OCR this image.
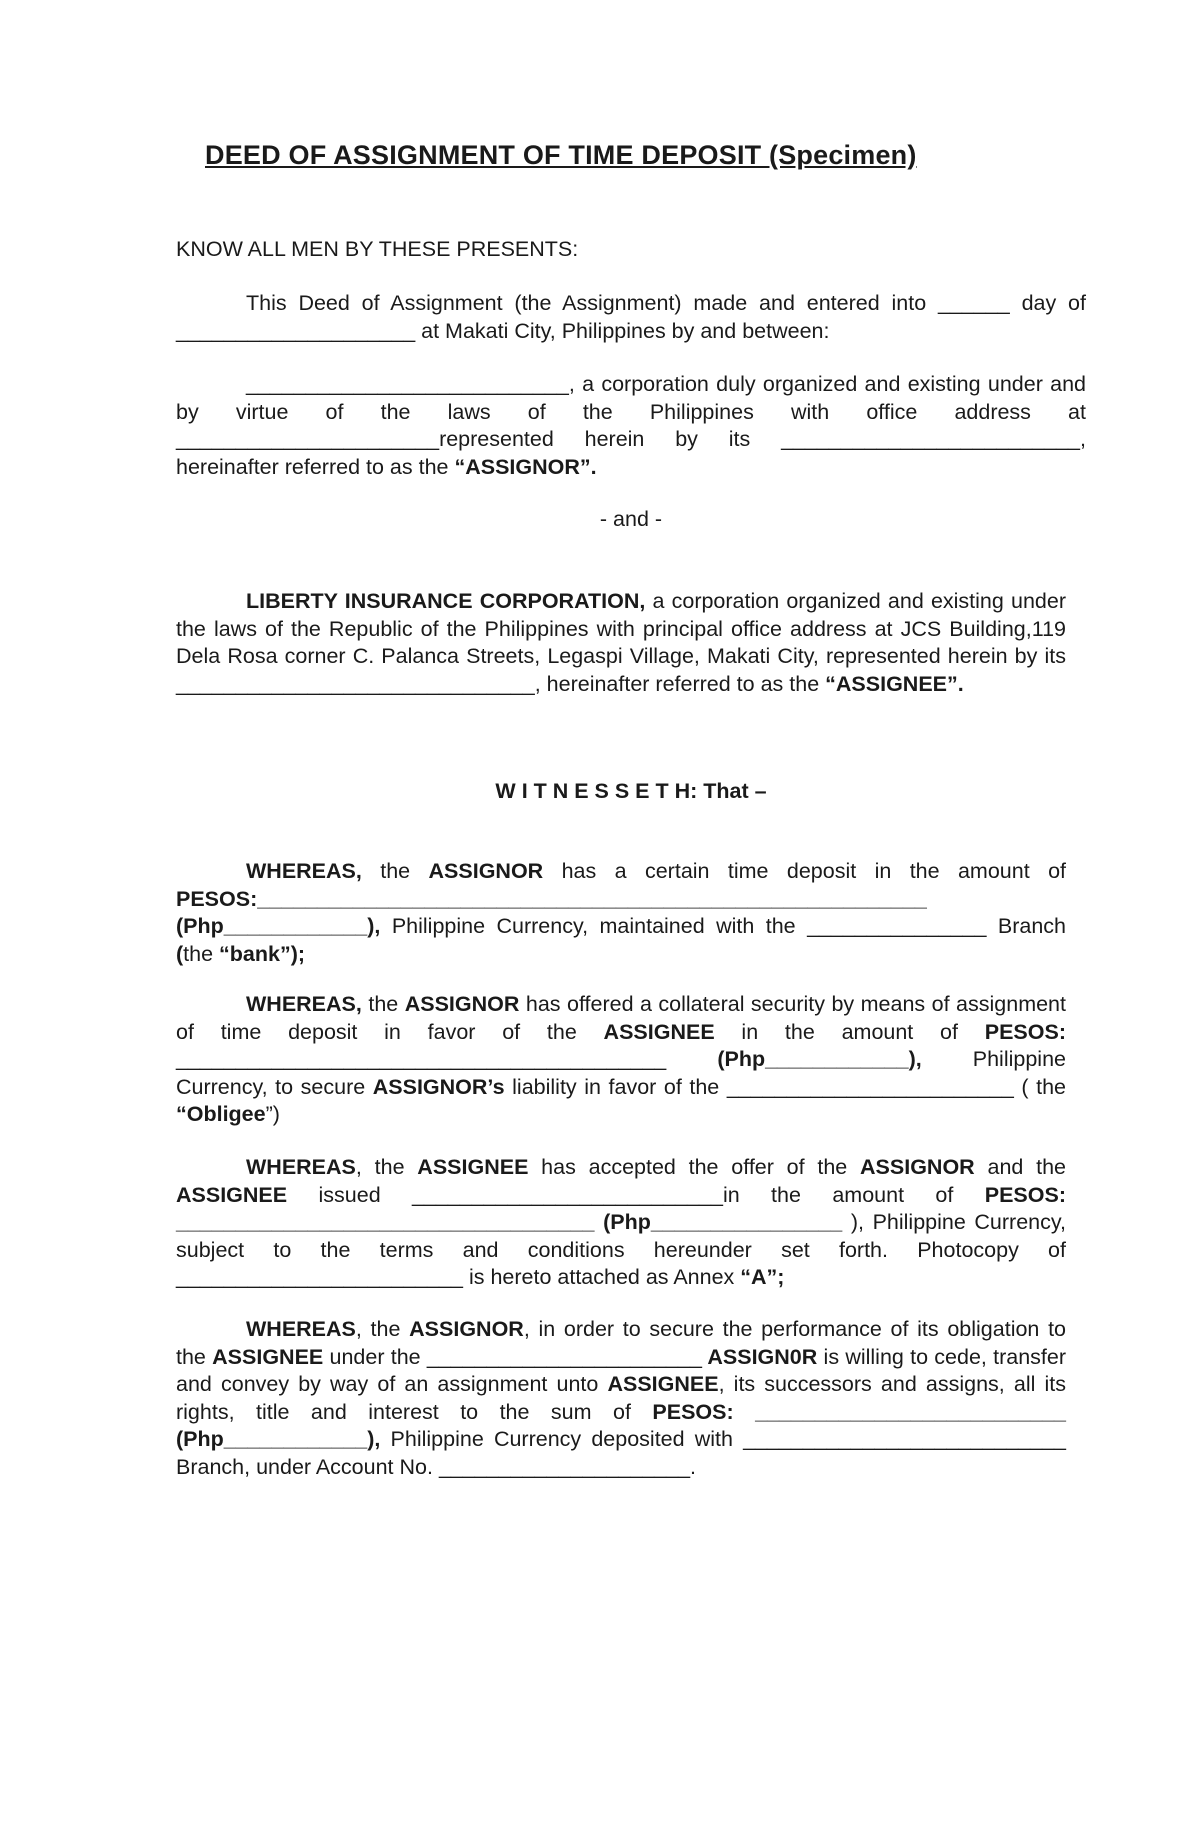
DEED OF ASSIGNMENT OF TIME DEPOSIT (Specimen)

KNOW ALL MEN BY THESE PRESENTS:

This Deed of Assignment (the Assignment) made and entered into ______ day of ____________________ at Makati City, Philippines by and between:

___________________________, a corporation duly organized and existing under and by virtue of the laws of the Philippines with office address at ______________________represented herein by its _________________________, hereinafter referred to as the “ASSIGNOR”.

- and -

LIBERTY INSURANCE CORPORATION, a corporation organized and existing under the laws of the Republic of the Philippines with principal office address at JCS Building,119 Dela Rosa corner C. Palanca Streets, Legaspi Village, Makati City, represented herein by its ______________________________, hereinafter referred to as the “ASSIGNEE”.

W I T N E S S E T H: That –

WHEREAS, the ASSIGNOR has a certain time deposit in the amount of PESOS:________________________________________________________ (Php____________), Philippine Currency, maintained with the _______________ Branch (the “bank”);

WHEREAS, the ASSIGNOR has offered a collateral security by means of assignment of time deposit in favor of the ASSIGNEE in the amount of PESOS: _________________________________________ (Php____________), Philippine Currency, to secure ASSIGNOR’s liability in favor of the ________________________ ( the “Obligee”)

WHEREAS, the ASSIGNEE has accepted the offer of the ASSIGNOR and the ASSIGNEE issued __________________________in the amount of PESOS: ___________________________________ (Php________________ ), Philippine Currency, subject to the terms and conditions hereunder set forth. Photocopy of ________________________ is hereto attached as Annex “A”;

WHEREAS, the ASSIGNOR, in order to secure the performance of its obligation to the ASSIGNEE under the _______________________ ASSIGN0R is willing to cede, transfer and convey by way of an assignment unto ASSIGNEE, its successors and assigns, all its rights, title and interest to the sum of PESOS: __________________________ (Php____________), Philippine Currency deposited with ___________________________ Branch, under Account No. _____________________.
